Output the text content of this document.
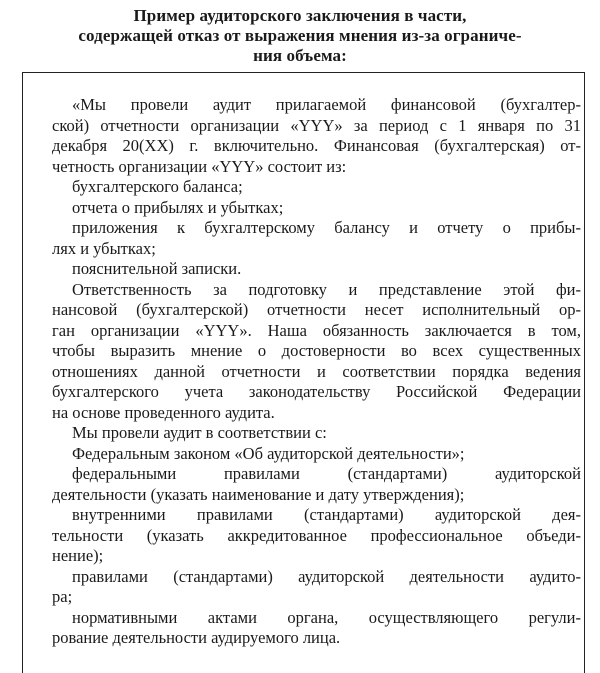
Пример аудиторского заключения в части,
содержащей отказ от выражения мнения из-за ограниче-
ния объема:
«Мы провели аудит прилагаемой финансовой (бухгалтер-
ской) отчетности организации «YYY» за период с 1 января по 31
декабря 20(XX) г. включительно. Финансовая (бухгалтерская) от-
четность организации «YYY» состоит из:
бухгалтерского баланса;
отчета о прибылях и убытках;
приложения к бухгалтерскому балансу и отчету о прибы-
лях и убытках;
пояснительной записки.
Ответственность за подготовку и представление этой фи-
нансовой (бухгалтерской) отчетности несет исполнительный ор-
ган организации «YYY». Наша обязанность заключается в том,
чтобы выразить мнение о достоверности во всех существенных
отношениях данной отчетности и соответствии порядка ведения
бухгалтерского учета законодательству Российской Федерации
на основе проведенного аудита.
Мы провели аудит в соответствии с:
Федеральным законом «Об аудиторской деятельности»;
федеральными правилами (стандартами) аудиторской
деятельности (указать наименование и дату утверждения);
внутренними правилами (стандартами) аудиторской дея-
тельности (указать аккредитованное профессиональное объеди-
нение);
правилами (стандартами) аудиторской деятельности аудито-
ра;
нормативными актами органа, осуществляющего регули-
рование деятельности аудируемого лица.
